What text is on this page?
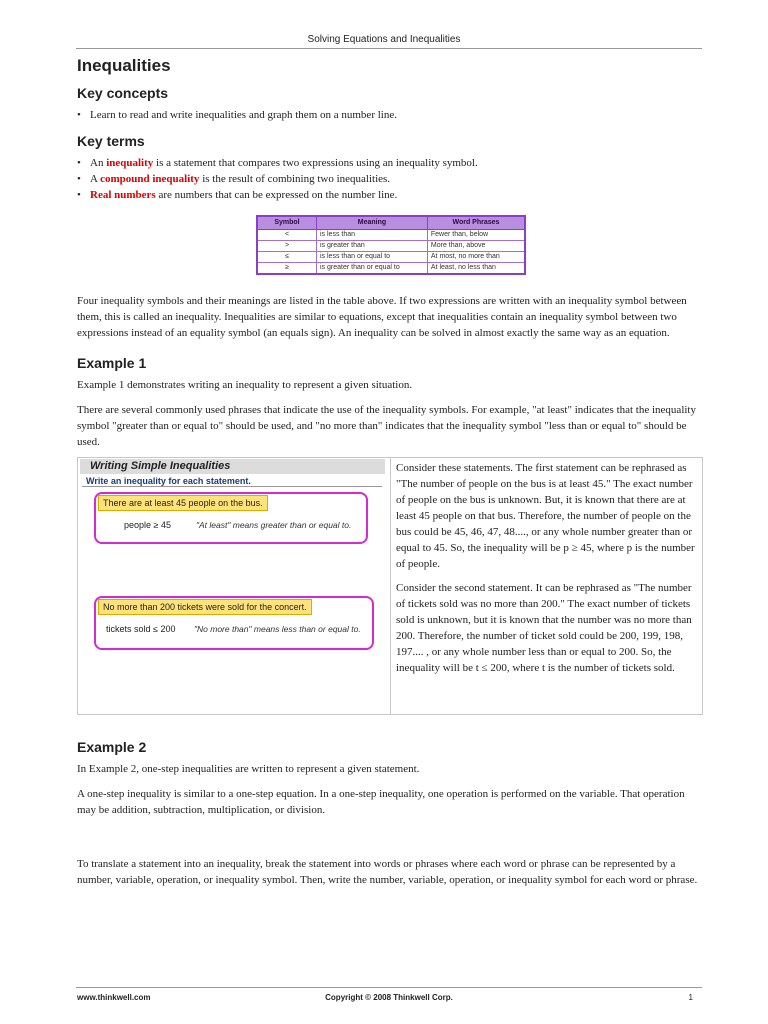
Solving Equations and Inequalities
Inequalities
Key concepts
• Learn to read and write inequalities and graph them on a number line.
Key terms
• An inequality is a statement that compares two expressions using an inequality symbol.
• A compound inequality is the result of combining two inequalities.
• Real numbers are numbers that can be expressed on the number line.
Symbol	Meaning	Word Phrases
<	is less than	Fewer than, below
>	is greater than	More than, above
≤	is less than or equal to	At most, no more than
≥	is greater than or equal to	At least, no less than

Four inequality symbols and their meanings are listed in the table above. If two expressions are written with an inequality symbol between them, this is called an inequality. Inequalities are similar to equations, except that inequalities contain an inequality symbol between two expressions instead of an equality symbol (an equals sign). An inequality can be solved in almost exactly the same way as an equation.

Example 1

Example 1 demonstrates writing an inequality to represent a given situation.

There are several commonly used phrases that indicate the use of the inequality symbols. For example, "at least" indicates that the inequality symbol "greater than or equal to" should be used, and "no more than" indicates that the inequality symbol "less than or equal to" should be used.

Writing Simple Inequalities
Write an inequality for each statement.
There are at least 45 people on the bus.
people ≥ 45	"At least" means greater than or equal to.
No more than 200 tickets were sold for the concert.
tickets sold ≤ 200 "No more than" means less than or equal to.

Consider these statements. The first statement can be rephrased as "The number of people on the bus is at least 45." The exact number of people on the bus is unknown. But, it is known that there are at least 45 people on that bus. Therefore, the number of people on the bus could be 45, 46, 47, 48...., or any whole number greater than or equal to 45. So, the inequality will be p ≥ 45, where p is the number of people.

Consider the second statement. It can be rephrased as "The number of tickets sold was no more than 200." The exact number of tickets sold is unknown, but it is known that the number was no more than 200. Therefore, the number of ticket sold could be 200, 199, 198, 197.... , or any whole number less than or equal to 200. So, the inequality will be t ≤ 200, where t is the number of tickets sold.

Example 2

In Example 2, one-step inequalities are written to represent a given statement.

A one-step inequality is similar to a one-step equation. In a one-step inequality, one operation is performed on the variable. That operation may be addition, subtraction, multiplication, or division.

To translate a statement into an inequality, break the statement into words or phrases where each word or phrase can be represented by a number, variable, operation, or inequality symbol. Then, write the number, variable, operation, or inequality symbol for each word or phrase.

www.thinkwell.com	Copyright © 2008 Thinkwell Corp.	1
